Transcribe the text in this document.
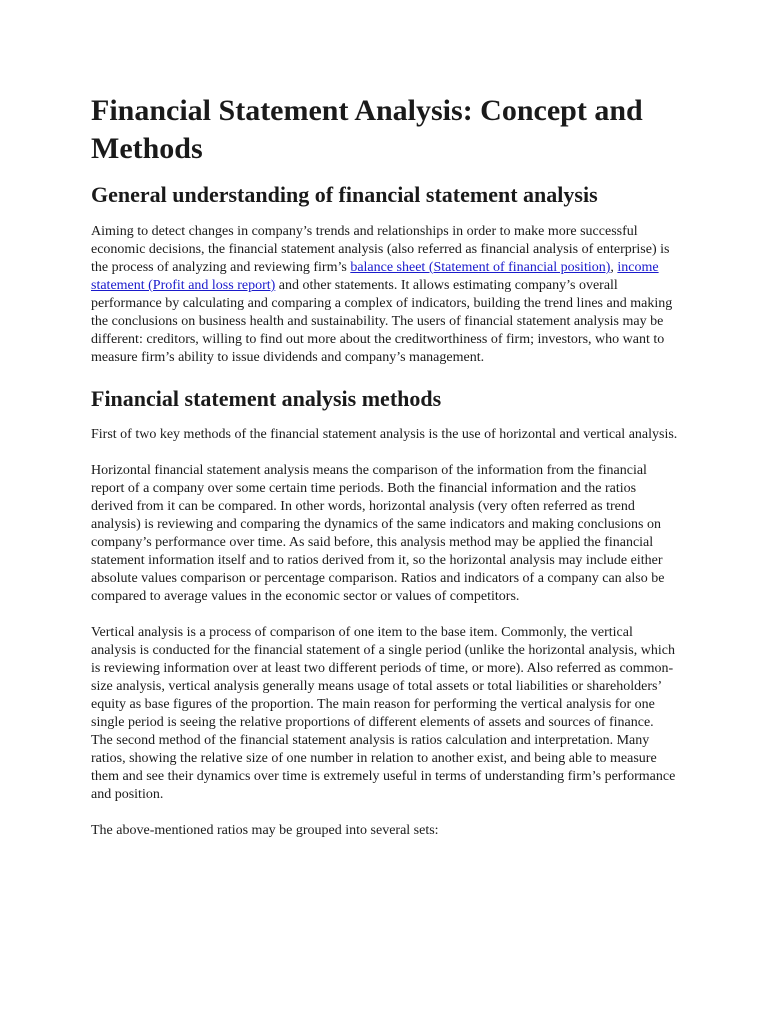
Financial Statement Analysis: Concept and Methods
General understanding of financial statement analysis

Aiming to detect changes in company’s trends and relationships in order to make more successful economic decisions, the financial statement analysis (also referred as financial analysis of enterprise) is the process of analyzing and reviewing firm’s balance sheet (Statement of financial position), income statement (Profit and loss report) and other statements. It allows estimating company’s overall performance by calculating and comparing a complex of indicators, building the trend lines and making the conclusions on business health and sustainability. The users of financial statement analysis may be different: creditors, willing to find out more about the creditworthiness of firm; investors, who want to measure firm’s ability to issue dividends and company’s management.

Financial statement analysis methods

First of two key methods of the financial statement analysis is the use of horizontal and vertical analysis.

Horizontal financial statement analysis means the comparison of the information from the financial report of a company over some certain time periods. Both the financial information and the ratios derived from it can be compared. In other words, horizontal analysis (very often referred as trend analysis) is reviewing and comparing the dynamics of the same indicators and making conclusions on company’s performance over time. As said before, this analysis method may be applied the financial statement information itself and to ratios derived from it, so the horizontal analysis may include either absolute values comparison or percentage comparison. Ratios and indicators of a company can also be compared to average values in the economic sector or values of competitors.

Vertical analysis is a process of comparison of one item to the base item. Commonly, the vertical analysis is conducted for the financial statement of a single period (unlike the horizontal analysis, which is reviewing information over at least two different periods of time, or more). Also referred as common-size analysis, vertical analysis generally means usage of total assets or total liabilities or shareholders’ equity as base figures of the proportion. The main reason for performing the vertical analysis for one single period is seeing the relative proportions of different elements of assets and sources of finance. The second method of the financial statement analysis is ratios calculation and interpretation. Many ratios, showing the relative size of one number in relation to another exist, and being able to measure them and see their dynamics over time is extremely useful in terms of understanding firm’s performance and position.

The above-mentioned ratios may be grouped into several sets:
